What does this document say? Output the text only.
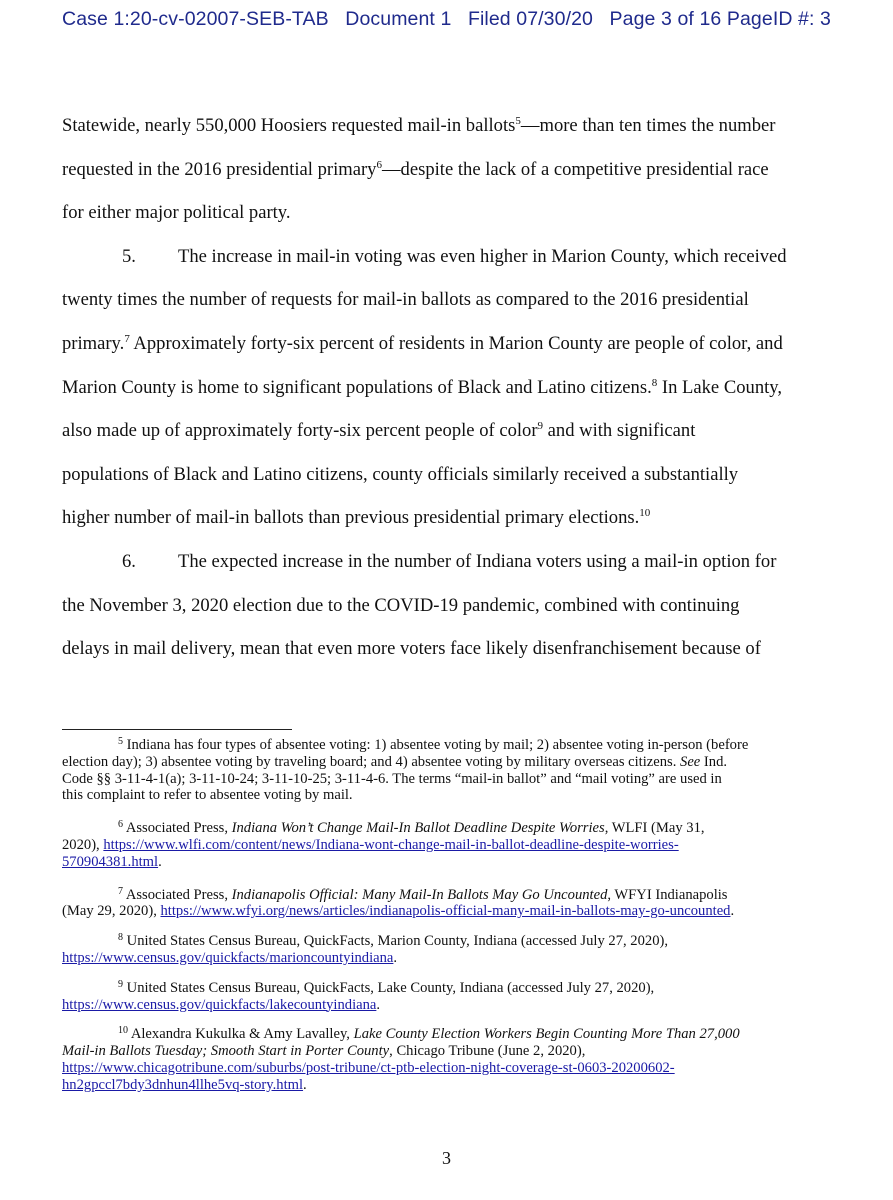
Case 1:20-cv-02007-SEB-TAB Document 1 Filed 07/30/20 Page 3 of 16 PageID #: 3
Statewide, nearly 550,000 Hoosiers requested mail-in ballots$^5$—more than ten times the number
requested in the 2016 presidential primary$^6$—despite the lack of a competitive presidential race
for either major political party.
5. The increase in mail-in voting was even higher in Marion County, which received
twenty times the number of requests for mail-in ballots as compared to the 2016 presidential
primary.$^7$ Approximately forty-six percent of residents in Marion County are people of color, and
Marion County is home to significant populations of Black and Latino citizens.$^8$ In Lake County,
also made up of approximately forty-six percent people of color$^9$ and with significant
populations of Black and Latino citizens, county officials similarly received a substantially
higher number of mail-in ballots than previous presidential primary elections.$^{10}$
6. The expected increase in the number of Indiana voters using a mail-in option for
the November 3, 2020 election due to the COVID-19 pandemic, combined with continuing
delays in mail delivery, mean that even more voters face likely disenfranchisement because of
$^5$ Indiana has four types of absentee voting: 1) absentee voting by mail; 2) absentee voting in-person (before
election day); 3) absentee voting by traveling board; and 4) absentee voting by military overseas citizens. See Ind.
Code §§ 3-11-4-1(a); 3-11-10-24; 3-11-10-25; 3-11-4-6. The terms “mail-in ballot” and “mail voting” are used in
this complaint to refer to absentee voting by mail.
$^6$ Associated Press, Indiana Won’t Change Mail-In Ballot Deadline Despite Worries, WLFI (May 31,
2020), https://www.wlfi.com/content/news/Indiana-wont-change-mail-in-ballot-deadline-despite-worries-
570904381.html.
$^7$ Associated Press, Indianapolis Official: Many Mail-In Ballots May Go Uncounted, WFYI Indianapolis
(May 29, 2020), https://www.wfyi.org/news/articles/indianapolis-official-many-mail-in-ballots-may-go-uncounted.
$^8$ United States Census Bureau, QuickFacts, Marion County, Indiana (accessed July 27, 2020),
https://www.census.gov/quickfacts/marioncountyindiana.
$^9$ United States Census Bureau, QuickFacts, Lake County, Indiana (accessed July 27, 2020),
https://www.census.gov/quickfacts/lakecountyindiana.
$^{10}$ Alexandra Kukulka & Amy Lavalley, Lake County Election Workers Begin Counting More Than 27,000
Mail-in Ballots Tuesday; Smooth Start in Porter County, Chicago Tribune (June 2, 2020),
https://www.chicagotribune.com/suburbs/post-tribune/ct-ptb-election-night-coverage-st-0603-20200602-
hn2gpccl7bdy3dnhun4llhe5vq-story.html.
3
